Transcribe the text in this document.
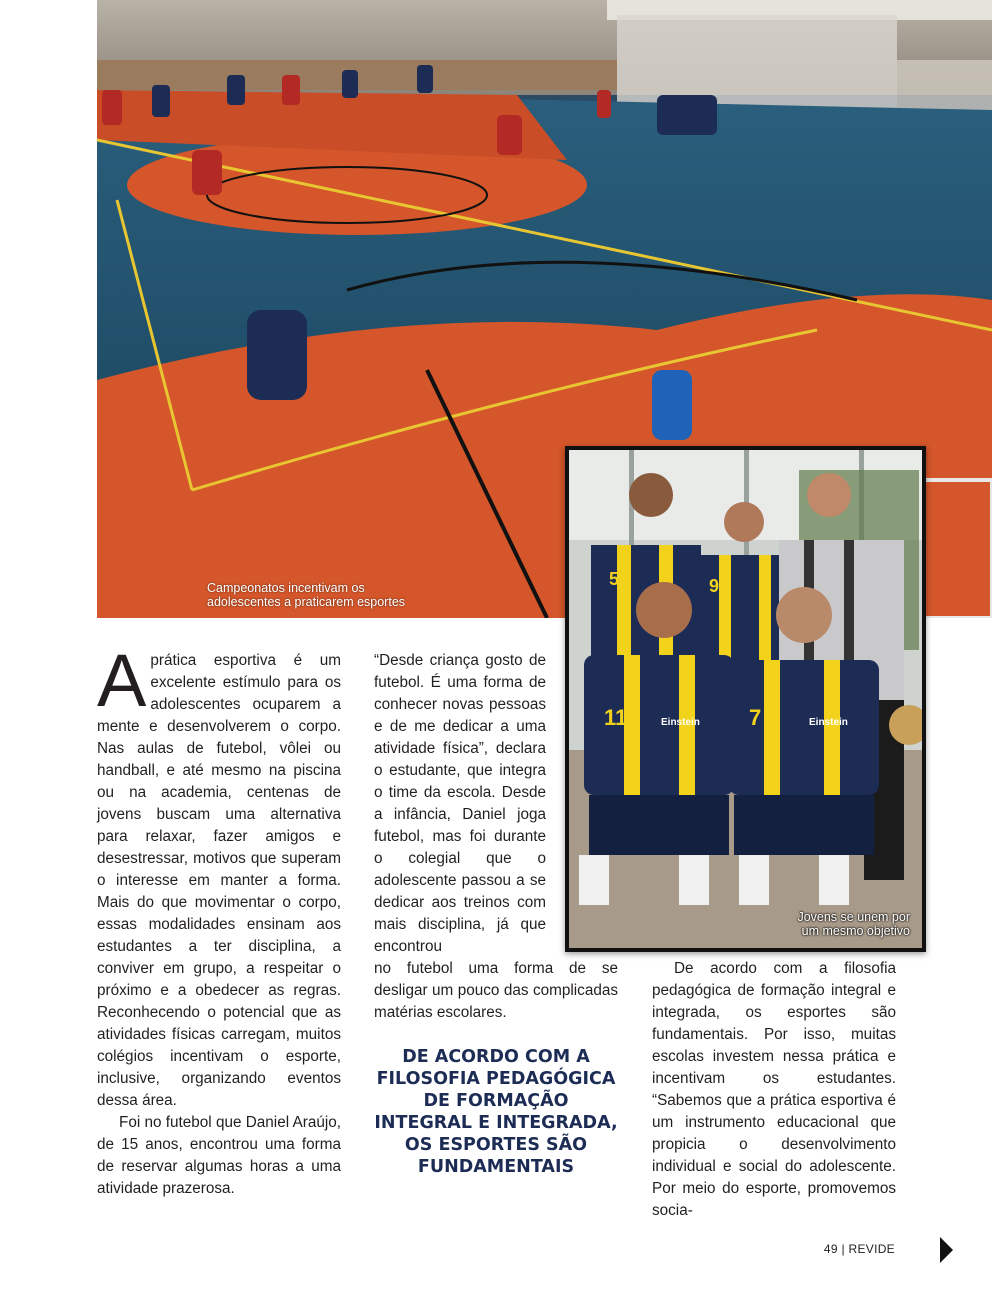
Campeonatos incentivam os
adolescentes a praticarem esportes
5	9
11	Einstein 7	Einstein
Jovens se unem por
um mesmo objetivo

A prática esportiva é um excelente estímulo para os adolescentes ocuparem a mente e desenvolverem o corpo. Nas aulas de futebol, vôlei ou handball, e até mesmo na piscina ou na academia, centenas de jovens buscam uma alternativa para relaxar, fazer amigos e desestressar, motivos que superam o interesse em manter a forma. Mais do que movimentar o corpo, essas modalidades ensinam aos estudantes a ter disciplina, a conviver em grupo, a respeitar o próximo e a obedecer as regras. Reconhecendo o potencial que as atividades físicas carregam, muitos colégios incentivam o esporte, inclusive, organizando eventos dessa área.

Foi no futebol que Daniel Araújo, de 15 anos, encontrou uma forma de reservar algumas horas a uma atividade prazerosa.

“Desde criança gosto de futebol. É uma forma de conhecer novas pessoas e de me dedicar a uma atividade física”, declara o estudante, que integra o time da escola. Desde a infância, Daniel joga futebol, mas foi durante o colegial que o adolescente passou a se dedicar aos treinos com mais disciplina, já que encontrou

no futebol uma forma de se desligar um pouco das complicadas matérias escolares.

DE ACORDO COM A FILOSOFIA PEDAGÓGICA DE FORMAÇÃO INTEGRAL E INTEGRADA, OS ESPORTES SÃO FUNDAMENTAIS

De acordo com a filosofia pedagógica de formação integral e integrada, os esportes são fundamentais. Por isso, muitas escolas investem nessa prática e incentivam os estudantes. “Sabemos que a prática esportiva é um instrumento educacional que propicia o desenvolvimento individual e social do adolescente. Por meio do esporte, promovemos socia-

49 | REVIDE
